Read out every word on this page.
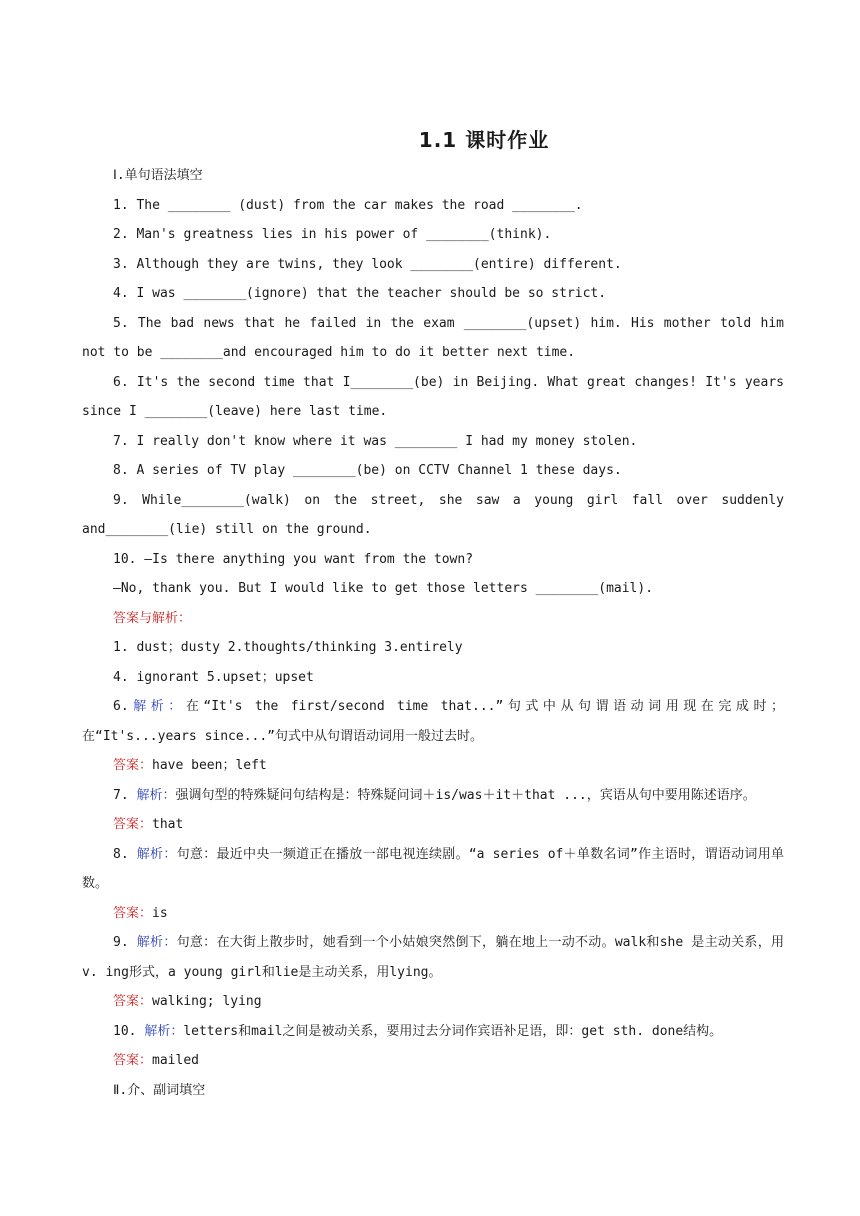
1.1 课时作业

Ⅰ.单句语法填空

1. The ________ (dust) from the car makes the road ________.

2. Man's greatness lies in his power of ________(think).

3. Although they are twins, they look ________(entire) different.

4. I was ________(ignore) that the teacher should be so strict.

5. The bad news that he failed in the exam ________(upset) him. His mother told him not to be ________and encouraged him to do it better next time.

6. It's the second time that I________(be) in Beijing. What great changes! It's years since I ________(leave) here last time.

7. I really don't know where it was ________ I had my money stolen.

8. A series of TV play ________(be) on CCTV Channel 1 these days.

9. While________(walk) on the street, she saw a young girl fall over suddenly and________(lie) still on the ground.

10. —Is there anything you want from the town?

—No, thank you. But I would like to get those letters ________(mail).

答案与解析：

1. dust；dusty 2.thoughts/thinking 3.entirely

4. ignorant 5.upset；upset

6.解析：在“It's the first/second time that...”句式中从句谓语动词用现在完成时；在“It's...years since...”句式中从句谓语动词用一般过去时。

答案：have been；left

7. 解析：强调句型的特殊疑问句结构是：特殊疑问词＋is/was＋it＋that ...，宾语从句中要用陈述语序。

答案：that

8. 解析：句意：最近中央一频道正在播放一部电视连续剧。“a series of＋单数名词”作主语时，谓语动词用单数。

答案：is

9. 解析：句意：在大街上散步时，她看到一个小姑娘突然倒下，躺在地上一动不动。walk和she 是主动关系，用v. ing形式，a young girl和lie是主动关系，用lying。

答案：walking; lying

10. 解析：letters和mail之间是被动关系，要用过去分词作宾语补足语，即：get sth. done结构。

答案：mailed

Ⅱ.介、副词填空
